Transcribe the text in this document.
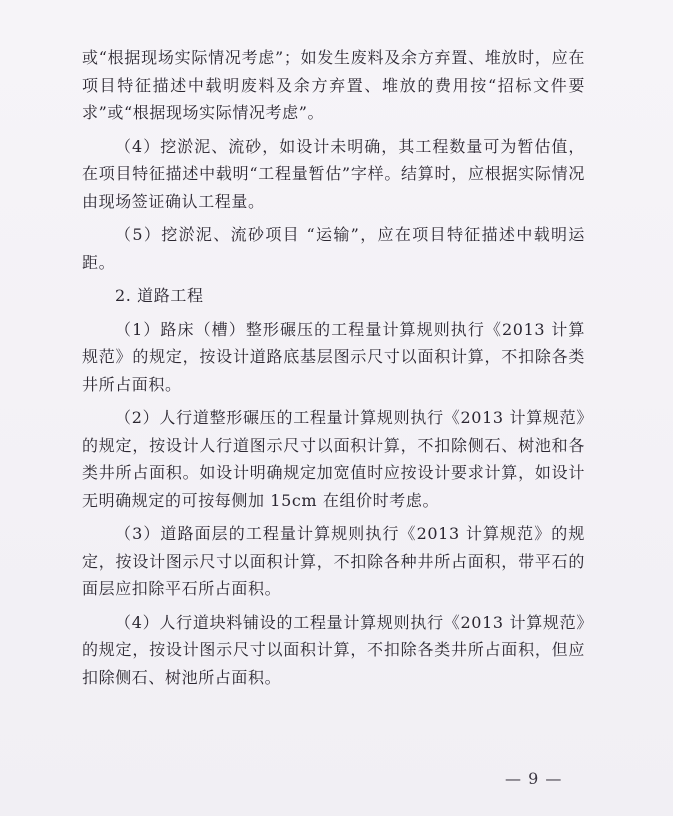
或“根据现场实际情况考虑”；如发生废料及余方弃置、堆放时，应在项目特征描述中载明废料及余方弃置、堆放的费用按“招标文件要求”或“根据现场实际情况考虑”。

（4）挖淤泥、流砂，如设计未明确，其工程数量可为暂估值，在项目特征描述中载明“工程量暂估”字样。结算时，应根据实际情况由现场签证确认工程量。

（5）挖淤泥、流砂项目 “运输”，应在项目特征描述中载明运距。

2. 道路工程

（1）路床（槽）整形碾压的工程量计算规则执行《2013 计算规范》的规定，按设计道路底基层图示尺寸以面积计算，不扣除各类井所占面积。

（2）人行道整形碾压的工程量计算规则执行《2013 计算规范》的规定，按设计人行道图示尺寸以面积计算，不扣除侧石、树池和各类井所占面积。如设计明确规定加宽值时应按设计要求计算，如设计无明确规定的可按每侧加 15cm 在组价时考虑。

（3）道路面层的工程量计算规则执行《2013 计算规范》的规定，按设计图示尺寸以面积计算，不扣除各种井所占面积，带平石的面层应扣除平石所占面积。

（4）人行道块料铺设的工程量计算规则执行《2013 计算规范》的规定，按设计图示尺寸以面积计算，不扣除各类井所占面积，但应扣除侧石、树池所占面积。

— 9 —
